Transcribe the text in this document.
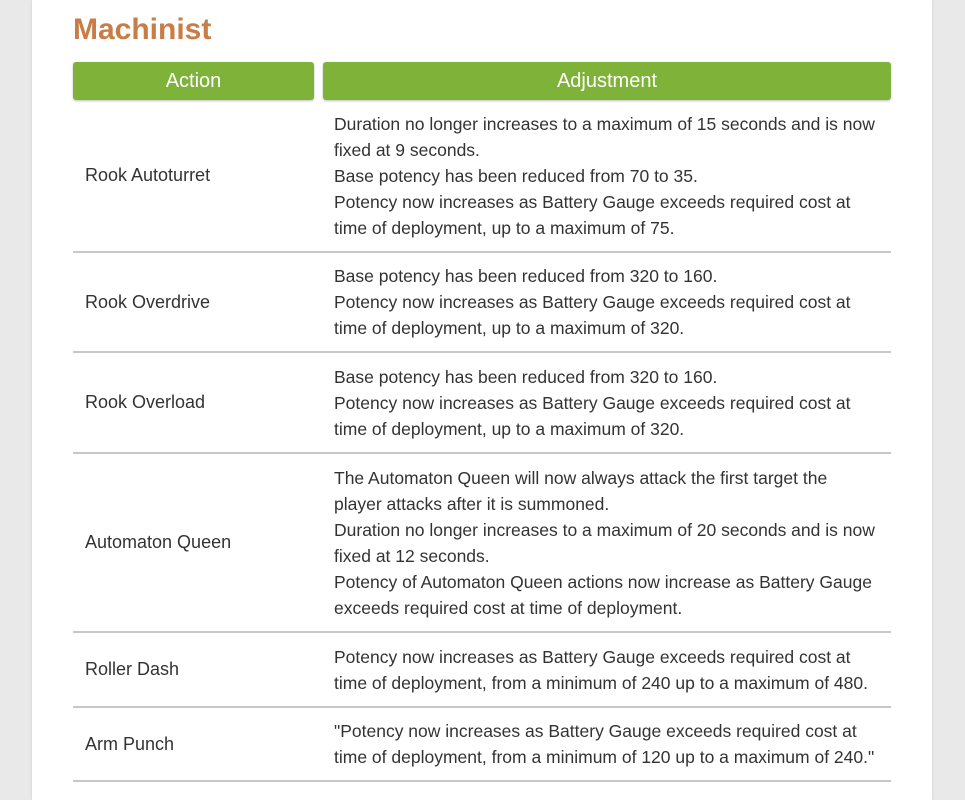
Machinist
Action	Adjustment
Rook Autoturret
Duration no longer increases to a maximum of 15 seconds and is now
fixed at 9 seconds.
Base potency has been reduced from 70 to 35.
Potency now increases as Battery Gauge exceeds required cost at
time of deployment, up to a maximum of 75.
Rook Overdrive
Base potency has been reduced from 320 to 160.
Potency now increases as Battery Gauge exceeds required cost at
time of deployment, up to a maximum of 320.
Rook Overload
Base potency has been reduced from 320 to 160.
Potency now increases as Battery Gauge exceeds required cost at
time of deployment, up to a maximum of 320.
Automaton Queen
The Automaton Queen will now always attack the first target the
player attacks after it is summoned.
Duration no longer increases to a maximum of 20 seconds and is now
fixed at 12 seconds.
Potency of Automaton Queen actions now increase as Battery Gauge
exceeds required cost at time of deployment.
Roller Dash
Potency now increases as Battery Gauge exceeds required cost at
time of deployment, from a minimum of 240 up to a maximum of 480.
Arm Punch
"Potency now increases as Battery Gauge exceeds required cost at
time of deployment, from a minimum of 120 up to a maximum of 240."
